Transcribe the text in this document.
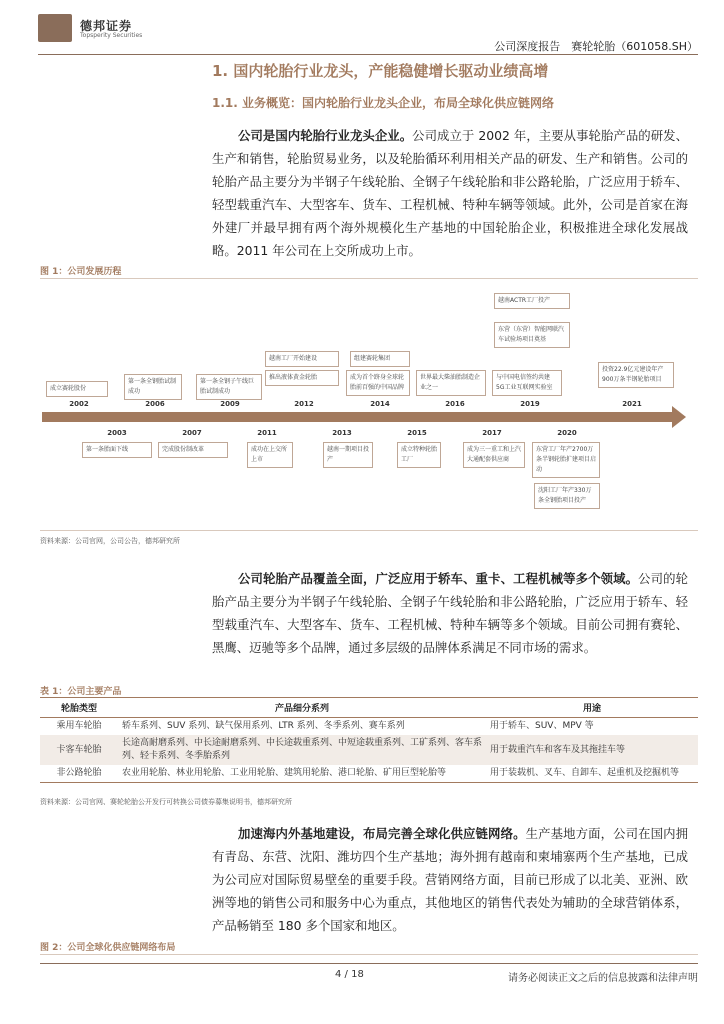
德邦证券
Topsperity Securities
公司深度报告　赛轮轮胎（601058.SH）
1. 国内轮胎行业龙头，产能稳健增长驱动业绩高增
1.1. 业务概览：国内轮胎行业龙头企业，布局全球化供应链网络
公司是国内轮胎行业龙头企业。公司成立于 2002 年，主要从事轮胎产品的研发、生产和销售，轮胎贸易业务，以及轮胎循环利用相关产品的研发、生产和销售。公司的轮胎产品主要分为半钢子午线轮胎、全钢子午线轮胎和非公路轮胎，广泛应用于轿车、轻型载重汽车、大型客车、货车、工程机械、特种车辆等领域。此外，公司是首家在海外建厂并最早拥有两个海外规模化生产基地的中国轮胎企业，积极推进全球化发展战略。2011 年公司在上交所成功上市。
图 1：公司发展历程
2002	2006	2009	2012	2014	2016	2019	2021
2003	2007	2011	2013	2015	2017	2020
成立赛轮股份
第一条全钢胎试制成功
第一条全钢子午线巨胎试制成功
越南工厂开始建设
推出液体黄金轮胎
组建赛轮集团
成为首个跻身全球轮胎前百强的中国品牌
世界最大柴油胎制造企业之一
与中国电信签约共建5G工业互联网实验室
越南ACTR工厂投产
东营（东营）智能网联汽车试验场项目奠基
投资22.9亿元建设年产900万条半钢轮胎项目
第一条胎面下线	完成股份制改革	成功在上交所上市
越南一期项目投产
成立特种轮胎工厂
成为三一重工和上汽大通配套供应商
东营工厂年产2700万条半钢轮胎扩建项目启动
沈阳工厂年产330万条全钢胎项目投产
资料来源：公司官网，公司公告，德邦研究所
公司轮胎产品覆盖全面，广泛应用于轿车、重卡、工程机械等多个领域。公司的轮胎产品主要分为半钢子午线轮胎、全钢子午线轮胎和非公路轮胎，广泛应用于轿车、轻型载重汽车、大型客车、货车、工程机械、特种车辆等多个领域。目前公司拥有赛轮、黑鹰、迈驰等多个品牌，通过多层级的品牌体系满足不同市场的需求。
表 1：公司主要产品
轮胎类型	产品细分系列	用途
乘用车轮胎	轿车系列、SUV 系列、缺气保用系列、LTR 系列、冬季系列、赛车系列	用于轿车、SUV、MPV 等
卡客车轮胎	长途高耐磨系列、中长途耐磨系列、中长途载重系列、中短途载重系列、工矿系列、客车系列、轻卡系列、冬季胎系列	用于载重汽车和客车及其拖挂车等
非公路轮胎	农业用轮胎、林业用轮胎、工业用轮胎、建筑用轮胎、港口轮胎、矿用巨型轮胎等	用于装载机、叉车、自卸车、起重机及挖掘机等
资料来源：公司官网、赛轮轮胎公开发行可转换公司债券募集说明书，德邦研究所
加速海内外基地建设，布局完善全球化供应链网络。生产基地方面，公司在国内拥有青岛、东营、沈阳、潍坊四个生产基地；海外拥有越南和柬埔寨两个生产基地，已成为公司应对国际贸易壁垒的重要手段。营销网络方面，目前已形成了以北美、亚洲、欧洲等地的销售公司和服务中心为重点，其他地区的销售代表处为辅助的全球营销体系，产品畅销至 180 多个国家和地区。
图 2：公司全球化供应链网络布局
4 / 18	请务必阅读正文之后的信息披露和法律声明
